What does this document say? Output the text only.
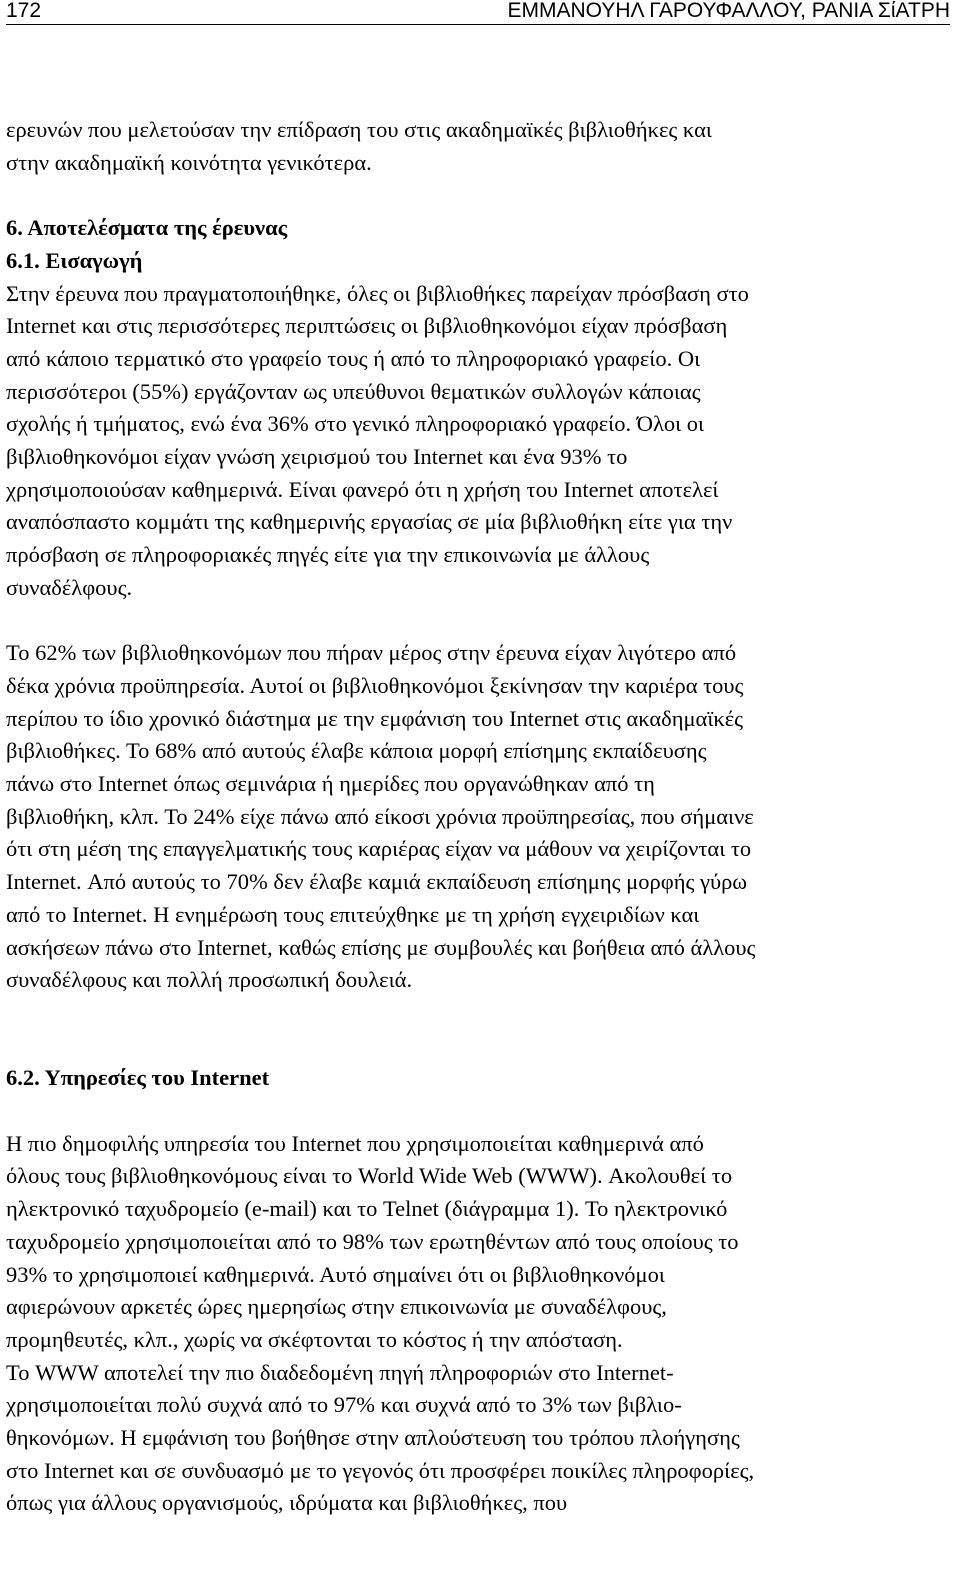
172	ΕΜΜΑΝΟΥΗΛ ΓΑΡΟΥΦΑΛΛΟΥ, ΡΑΝΙΑ ΣίΑΤΡΗ

ερευνών που μελετούσαν την επίδραση του στις ακαδημαϊκές βιβλιοθήκες και
στην ακαδημαϊκή κοινότητα γενικότερα.

6. Αποτελέσματα της έρευνας

6.1. Εισαγωγή

Στην έρευνα που πραγματοποιήθηκε, όλες οι βιβλιοθήκες παρείχαν πρόσβαση στο
Internet και στις περισσότερες περιπτώσεις οι βιβλιοθηκονόμοι είχαν πρόσβαση
από κάποιο τερματικό στο γραφείο τους ή από το πληροφοριακό γραφείο. Οι
περισσότεροι (55%) εργάζονταν ως υπεύθυνοι θεματικών συλλογών κάποιας
σχολής ή τμήματος, ενώ ένα 36% στο γενικό πληροφοριακό γραφείο. Όλοι οι
βιβλιοθηκονόμοι είχαν γνώση χειρισμού του Internet και ένα 93% το
χρησιμοποιούσαν καθημερινά. Είναι φανερό ότι η χρήση του Internet αποτελεί
αναπόσπαστο κομμάτι της καθημερινής εργασίας σε μία βιβλιοθήκη είτε για την
πρόσβαση σε πληροφοριακές πηγές είτε για την επικοινωνία με άλλους
συναδέλφους.

Το 62% των βιβλιοθηκονόμων που πήραν μέρος στην έρευνα είχαν λιγότερο από
δέκα χρόνια προϋπηρεσία. Αυτοί οι βιβλιοθηκονόμοι ξεκίνησαν την καριέρα τους
περίπου το ίδιο χρονικό διάστημα με την εμφάνιση του Internet στις ακαδημαϊκές
βιβλιοθήκες. Το 68% από αυτούς έλαβε κάποια μορφή επίσημης εκπαίδευσης
πάνω στο Internet όπως σεμινάρια ή ημερίδες που οργανώθηκαν από τη
βιβλιοθήκη, κλπ. Το 24% είχε πάνω από είκοσι χρόνια προϋπηρεσίας, που σήμαινε
ότι στη μέση της επαγγελματικής τους καριέρας είχαν να μάθουν να χειρίζονται το
Internet. Από αυτούς το 70% δεν έλαβε καμιά εκπαίδευση επίσημης μορφής γύρω
από το Internet. Η ενημέρωση τους επιτεύχθηκε με τη χρήση εγχειριδίων και
ασκήσεων πάνω στο Internet, καθώς επίσης με συμβουλές και βοήθεια από άλλους
συναδέλφους και πολλή προσωπική δουλειά.

6.2. Υπηρεσίες του Internet

Η πιο δημοφιλής υπηρεσία του Internet που χρησιμοποιείται καθημερινά από
όλους τους βιβλιοθηκονόμους είναι το World Wide Web (WWW). Ακολουθεί το
ηλεκτρονικό ταχυδρομείο (e-mail) και το Telnet (διάγραμμα 1). Το ηλεκτρονικό
ταχυδρομείο χρησιμοποιείται από το 98% των ερωτηθέντων από τους οποίους το
93% το χρησιμοποιεί καθημερινά. Αυτό σημαίνει ότι οι βιβλιοθηκονόμοι
αφιερώνουν αρκετές ώρες ημερησίως στην επικοινωνία με συναδέλφους,
προμηθευτές, κλπ., χωρίς να σκέφτονται το κόστος ή την απόσταση.

Το WWW αποτελεί την πιο διαδεδομένη πηγή πληροφοριών στο Internet-
χρησιμοποιείται πολύ συχνά από το 97% και συχνά από το 3% των βιβλιο-
θηκονόμων. Η εμφάνιση του βοήθησε στην απλούστευση του τρόπου πλοήγησης
στο Internet και σε συνδυασμό με το γεγονός ότι προσφέρει ποικίλες πληροφορίες,
όπως για άλλους οργανισμούς, ιδρύματα και βιβλιοθήκες, που
